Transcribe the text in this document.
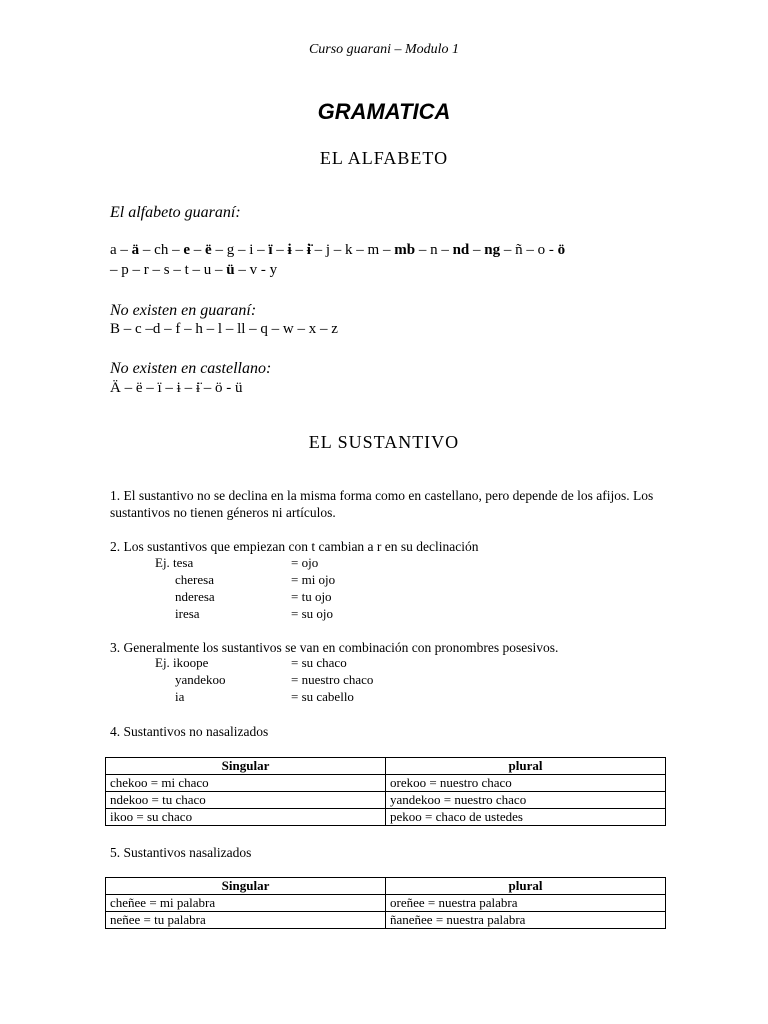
Curso guarani – Modulo 1
GRAMATICA
EL ALFABETO
El alfabeto guaraní:
a – ä – ch – e – ë – g – i – ï – ɨ – ɨ̈ – j – k – m – mb – n – nd – ng – ñ – o - ö
– p – r – s – t – u – ü – v - y
No existen en guaraní:
B – c –d – f – h – l – ll – q – w – x – z
No existen en castellano:
Ä – ë – ï – ɨ – ɨ̈ – ö - ü
EL SUSTANTIVO
1. El sustantivo no se declina en la misma forma como en castellano, pero depende de los afijos. Los sustantivos no tienen géneros ni artículos.
2. Los sustantivos que empiezan con t cambian a r en su declinación
Ej. tesa	= ojo
cheresa	= mi ojo
nderesa	= tu ojo
iresa	= su ojo
3. Generalmente los sustantivos se van en combinación con pronombres posesivos.
Ej. ikoope	= su chaco
yandekoo	= nuestro chaco
ia	= su cabello
4. Sustantivos no nasalizados
Singular	plural
chekoo = mi chaco	orekoo = nuestro chaco
ndekoo = tu chaco	yandekoo = nuestro chaco
ikoo = su chaco	pekoo = chaco de ustedes
5. Sustantivos nasalizados
Singular	plural
cheñee = mi palabra	oreñee = nuestra palabra
neñee = tu palabra	ñaneñee = nuestra palabra
